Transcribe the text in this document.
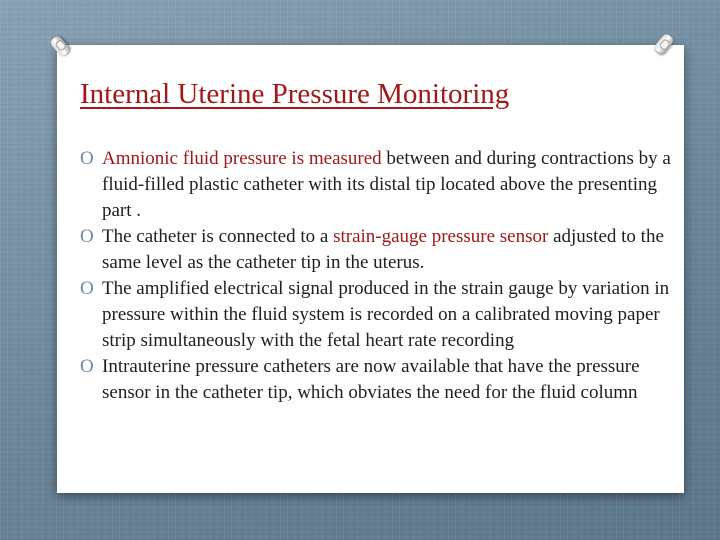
Internal Uterine Pressure Monitoring
O Amnionic fluid pressure is measured between and during contractions by a fluid-filled plastic catheter with its distal tip located above the presenting part .
O The catheter is connected to a strain-gauge pressure sensor adjusted to the same level as the catheter tip in the uterus.
O The amplified electrical signal produced in the strain gauge by variation in pressure within the fluid system is recorded on a calibrated moving paper strip simultaneously with the fetal heart rate recording
O Intrauterine pressure catheters are now available that have the pressure sensor in the catheter tip, which obviates the need for the fluid column
